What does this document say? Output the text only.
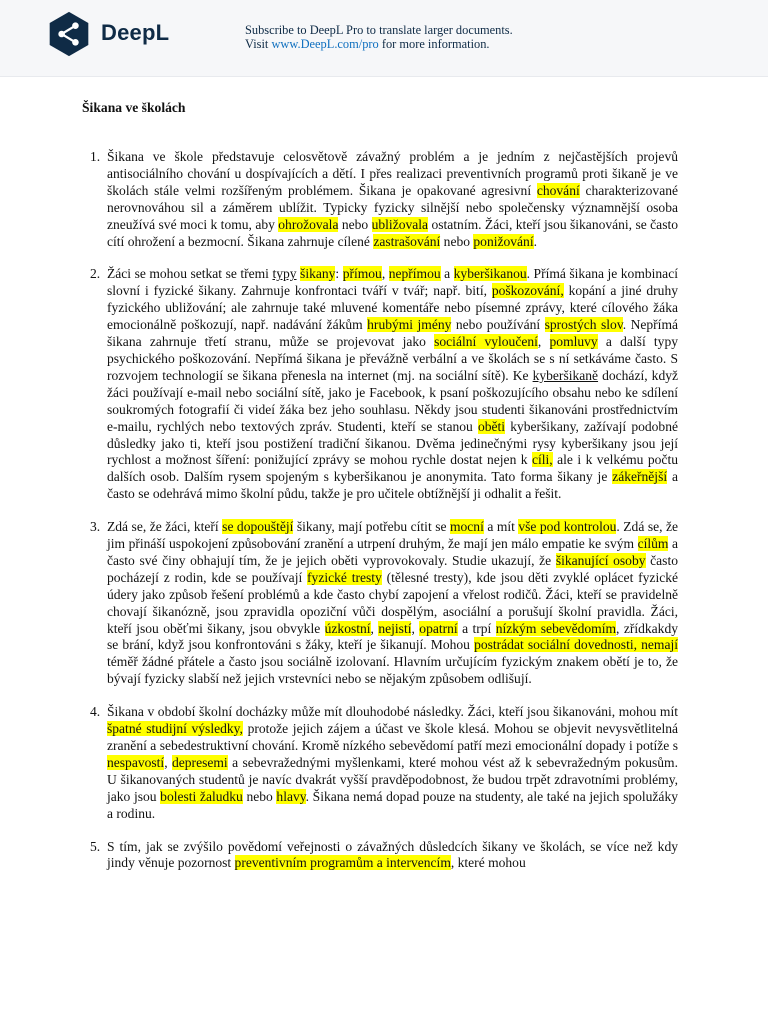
DeepL	Subscribe to DeepL Pro to translate larger documents.
Visit www.DeepL.com/pro for more information.
Šikana ve školách
1. Šikana ve škole představuje celosvětově závažný problém a je jedním z nejčastějších projevů antisociálního chování u dospívajících a dětí. I přes realizaci preventivních programů proti šikaně je ve školách stále velmi rozšířeným problémem. Šikana je opakované agresivní chování charakterizované nerovnováhou sil a záměrem ublížit. Typicky fyzicky silnější nebo společensky významnější osoba zneužívá své moci k tomu, aby ohrožovala nebo ubližovala ostatním. Žáci, kteří jsou šikanováni, se často cítí ohrožení a bezmocní. Šikana zahrnuje cílené zastrašování nebo ponižování.
2. Žáci se mohou setkat se třemi typy šikany: přímou, nepřímou a kyberšikanou. Přímá šikana je kombinací slovní i fyzické šikany. Zahrnuje konfrontaci tváří v tvář; např. bití, poškozování, kopání a jiné druhy fyzického ubližování; ale zahrnuje také mluvené komentáře nebo písemné zprávy, které cílového žáka emocionálně poškozují, např. nadávání žákům hrubými jmény nebo používání sprostých slov. Nepřímá šikana zahrnuje třetí stranu, může se projevovat jako sociální vyloučení, pomluvy a další typy psychického poškozování. Nepřímá šikana je převážně verbální a ve školách se s ní setkáváme často. S rozvojem technologií se šikana přenesla na internet (mj. na sociální sítě). Ke kyberšikaně dochází, když žáci používají e-mail nebo sociální sítě, jako je Facebook, k psaní poškozujícího obsahu nebo ke sdílení soukromých fotografií či videí žáka bez jeho souhlasu. Někdy jsou studenti šikanováni prostřednictvím e-mailu, rychlých nebo textových zpráv. Studenti, kteří se stanou oběti kyberšikany, zažívají podobné důsledky jako ti, kteří jsou postižení tradiční šikanou. Dvěma jedinečnými rysy kyberšikany jsou její rychlost a možnost šíření: ponižující zprávy se mohou rychle dostat nejen k cíli, ale i k velkému počtu dalších osob. Dalším rysem spojeným s kyberšikanou je anonymita. Tato forma šikany je zákeřnější a často se odehrává mimo školní půdu, takže je pro učitele obtížnější ji odhalit a řešit.
3. Zdá se, že žáci, kteří se dopouštějí šikany, mají potřebu cítit se mocní a mít vše pod kontrolou. Zdá se, že jim přináší uspokojení způsobování zranění a utrpení druhým, že mají jen málo empatie ke svým cílům a často své činy obhajují tím, že je jejich oběti vyprovokovaly. Studie ukazují, že šikanující osoby často pocházejí z rodin, kde se používají fyzické tresty (tělesné tresty), kde jsou děti zvyklé oplácet fyzické údery jako způsob řešení problémů a kde často chybí zapojení a vřelost rodičů. Žáci, kteří se pravidelně chovají šikanózně, jsou zpravidla opoziční vůči dospělým, asociální a porušují školní pravidla. Žáci, kteří jsou oběťmi šikany, jsou obvykle úzkostní, nejistí, opatrní a trpí nízkým sebevědomím, zřídkakdy se brání, když jsou konfrontováni s žáky, kteří je šikanují. Mohou postrádat sociální dovednosti, nemají téměř žádné přátele a často jsou sociálně izolovaní. Hlavním určujícím fyzickým znakem obětí je to, že bývají fyzicky slabší než jejich vrstevníci nebo se nějakým způsobem odlišují.
4. Šikana v období školní docházky může mít dlouhodobé následky. Žáci, kteří jsou šikanováni, mohou mít špatné studijní výsledky, protože jejich zájem a účast ve škole klesá. Mohou se objevit nevysvětlitelná zranění a sebedestruktivní chování. Kromě nízkého sebevědomí patří mezi emocionální dopady i potíže s nespavostí, depresemi a sebevražednými myšlenkami, které mohou vést až k sebevražedným pokusům. U šikanovaných studentů je navíc dvakrát vyšší pravděpodobnost, že budou trpět zdravotními problémy, jako jsou bolesti žaludku nebo hlavy. Šikana nemá dopad pouze na studenty, ale také na jejich spolužáky a rodinu.
5. S tím, jak se zvýšilo povědomí veřejnosti o závažných důsledcích šikany ve školách, se více než kdy jindy věnuje pozornost preventivním programům a intervencím, které mohou
